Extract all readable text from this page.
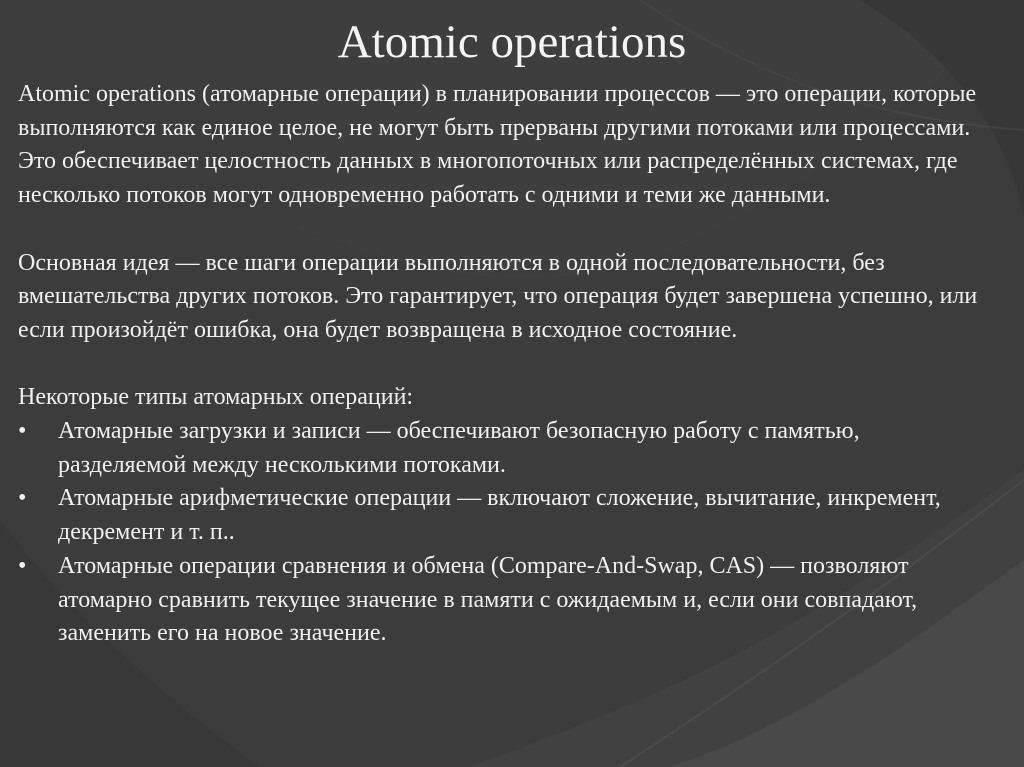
Atomic operations

Atomic operations (атомарные операции) в планировании процессов — это операции, которые выполняются как единое целое, не могут быть прерваны другими потоками или процессами. Это обеспечивает целостность данных в многопоточных или распределённых системах, где несколько потоков могут одновременно работать с одними и теми же данными.

Основная идея — все шаги операции выполняются в одной последовательности, без вмешательства других потоков. Это гарантирует, что операция будет завершена успешно, или если произойдёт ошибка, она будет возвращена в исходное состояние.

Некоторые типы атомарных операций:

• Атомарные загрузки и записи — обеспечивают безопасную работу с памятью, разделяемой между несколькими потоками.
• Атомарные арифметические операции — включают сложение, вычитание, инкремент, декремент и т. п..
• Атомарные операции сравнения и обмена (Compare-And-Swap, CAS) — позволяют атомарно сравнить текущее значение в памяти с ожидаемым и, если они совпадают, заменить его на новое значение.
